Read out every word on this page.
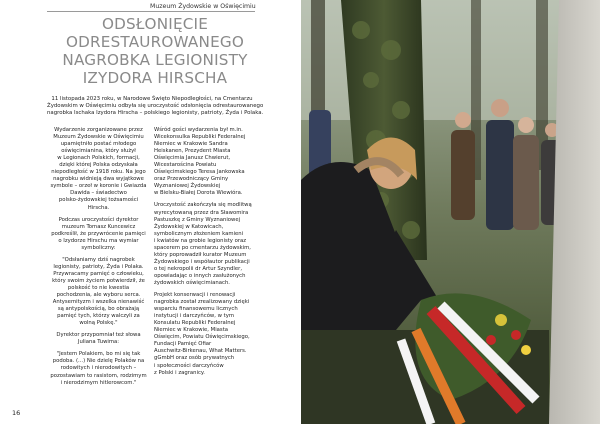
Muzeum Żydowskie w Oświęcimiu
ODSŁONIĘCIE
ODRESTAUROWANEGO
NAGROBKA LEGIONISTY
IZYDORA HIRSCHA
11 listopada 2023 roku, w Narodowe Święto Niepodległości, na Cmentarzu
Żydowskim w Oświęcimiu odbyła się uroczystość odsłonięcia odrestaurowanego
nagrobka Ischaka Izydora Hirscha – polskiego legionisty, patrioty, Żyda i Polaka.

Wydarzenie zorganizowane przez
Muzeum Żydowskie w Oświęcimiu
upamiętniło postać młodego
oświęcimianina, który służył
w Legionach Polskich, formacji,
dzięki której Polska odzyskała
niepodległość w 1918 roku. Na jego
nagrobku widnieją dwa wyjątkowe
symbole – orzeł w koronie i Gwiazda
Dawida – świadectwo
polsko-żydowskiej tożsamości
Hirscha.

Podczas uroczystości dyrektor
muzeum Tomasz Kuncewicz
podkreślił, że przywrócenie pamięci
o Izydorze Hirschu ma wymiar
symboliczny:

"Odsłaniamy dziś nagrobek
legionisty, patrioty, Żyda i Polaka.
Przywracamy pamięć o człowieku,
który swoim życiem potwierdził, że
polskość to nie kwestia
pochodzenia, ale wyboru serca.
Antysemityzm i wszelka nienawiść
są antypolskością, bo obrażają
pamięć tych, którzy walczyli za
wolną Polskę."

Dyrektor przypomniał też słowa
Juliana Tuwima:

"Jestem Polakiem, bo mi się tak
podoba. (...) Nie dzielę Polaków na
rodowitych i nierodowitych –
pozostawiam to rasistom, rodzimym
i nierodzimym hitlerowcom."

Wśród gości wydarzenia był m.in.
Wicekonsulka Republiki Federalnej
Niemiec w Krakowie Sandra
Heiskanen, Prezydent Miasta
Oświęcimia Janusz Chwierut,
Wicestarościna Powiatu
Oświęcimskiego Teresa Jankowska
oraz Przewodniczący Gminy
Wyznaniowej Żydowskiej
w Bielsku-Białej Dorota Wiewióra.

Uroczystość zakończyła się modlitwą
wyrecytowaną przez dra Sławomira
Pastuszkę z Gminy Wyznaniowej
Żydowskiej w Katowicach,
symbolicznym złożeniem kamieni
i kwiatów na grobie legionisty oraz
spacerem po cmentarzu żydowskim,
który poprowadził kurator Muzeum
Żydowskiego i współautor publikacji
o tej nekropolii dr Artur Szyndler,
opowiadając o innych zasłużonych
żydowskich oświęcimianach.

Projekt konserwacji i renowacji
nagrobka został zrealizowany dzięki
wsparciu finansowemu licznych
instytucji i darczyńców, w tym
Konsulatu Republiki Federalnej
Niemiec w Krakowie, Miasta
Oświęcim, Powiatu Oświęcimskiego,
Fundacji Pamięć Ofiar
Auschwitz-Birkenau, What Matters.
gGmbH oraz osób prywatnych
i społeczności darczyńców
z Polski i zagranicy.

16
